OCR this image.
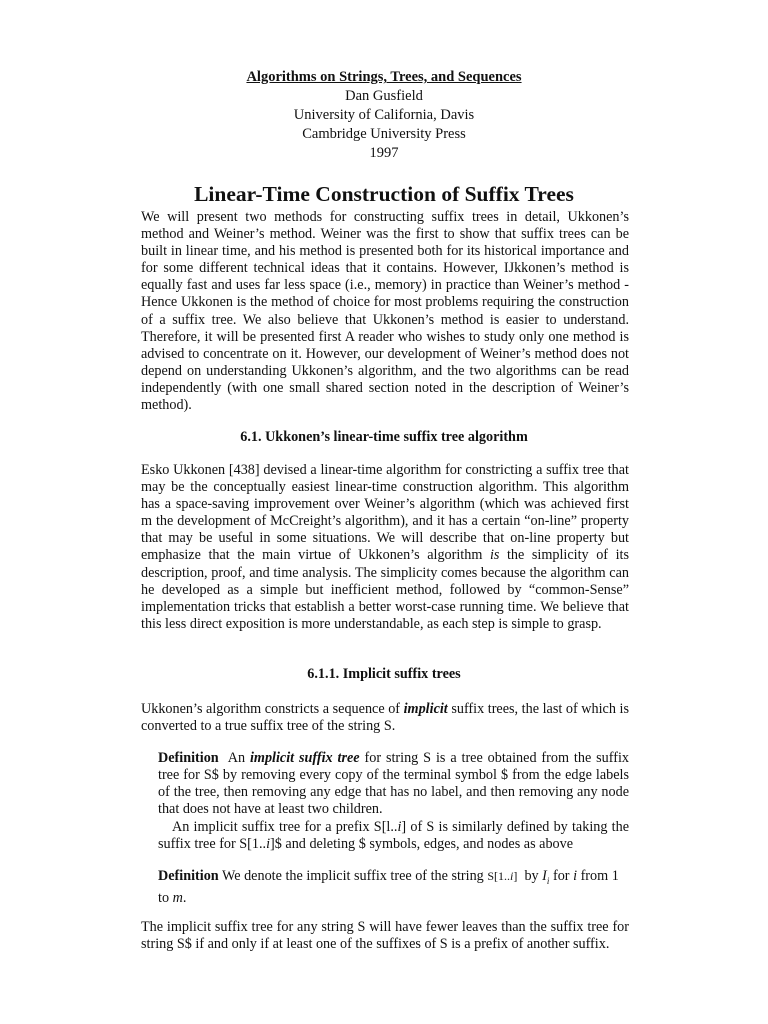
Algorithms on Strings, Trees, and Sequences
Dan Gusfield
University of California, Davis
Cambridge University Press
1997
Linear-Time Construction of Suffix Trees

We will present two methods for constructing suffix trees in detail, Ukkonen’s method and Weiner’s method. Weiner was the first to show that suffix trees can be built in linear time, and his method is presented both for its historical importance and for some different technical ideas that it contains. However, IJkkonen’s method is equally fast and uses far less space (i.e., memory) in practice than Weiner’s method - Hence Ukkonen is the method of choice for most problems requiring the construction of a suffix tree. We also believe that Ukkonen’s method is easier to understand. Therefore, it will be presented first A reader who wishes to study only one method is advised to concentrate on it. However, our development of Weiner’s method does not depend on understanding Ukkonen’s algorithm, and the two algorithms can be read independently (with one small shared section noted in the description of Weiner’s method).

6.1. Ukkonen’s linear-time suffix tree algorithm

Esko Ukkonen [438] devised a linear-time algorithm for constricting a suffix tree that may be the conceptually easiest linear-time construction algorithm. This algorithm has a space-saving improvement over Weiner’s algorithm (which was achieved first m the development of McCreight’s algorithm), and it has a certain “on-line” property that may be useful in some situations. We will describe that on-line property but emphasize that the main virtue of Ukkonen’s algorithm is the simplicity of its description, proof, and time analysis. The simplicity comes because the algorithm can he developed as a simple but inefficient method, followed by “common-Sense” implementation tricks that establish a better worst-case running time. We believe that this less direct exposition is more understandable, as each step is simple to grasp.

6.1.1. Implicit suffix trees

Ukkonen’s algorithm constricts a sequence of implicit suffix trees, the last of which is converted to a true suffix tree of the string S.

Definition  An implicit suffix tree for string S is a tree obtained from the suffix tree for S$ by removing every copy of the terminal symbol $ from the edge labels of the tree, then removing any edge that has no label, and then removing any node that does not have at least two children.

An implicit suffix tree for a prefix S[l..i] of S is similarly defined by taking the suffix tree for S[1..i]$ and deleting $ symbols, edges, and nodes as above

Definition We denote the implicit suffix tree of the string S[1..i]  by $I_i$ for i from 1 to m.

The implicit suffix tree for any string S will have fewer leaves than the suffix tree for string S$ if and only if at least one of the suffixes of S is a prefix of another suffix.
